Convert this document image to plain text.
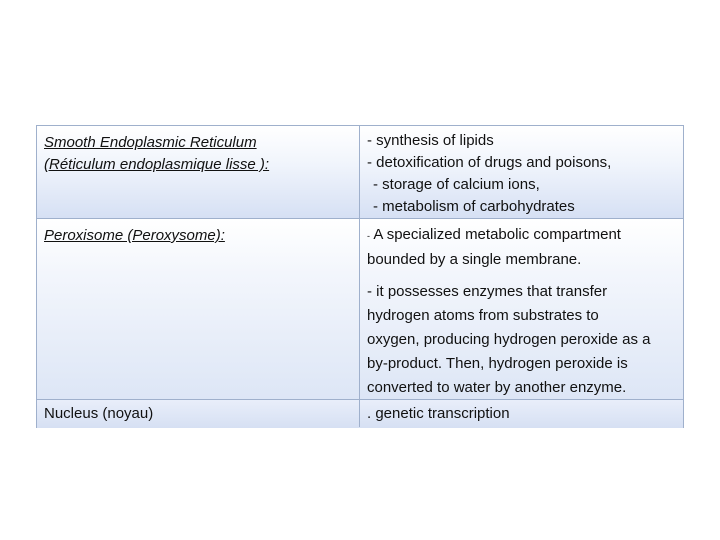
Smooth Endoplasmic Reticulum
(Réticulum endoplasmique lisse ):
- synthesis of lipids
- detoxification of drugs and poisons,
- storage of calcium ions,
- metabolism of carbohydrates
Peroxisome (Peroxysome):	- A specialized metabolic compartment
bounded by a single membrane.
- it possesses enzymes that transfer
hydrogen atoms from substrates to
oxygen, producing hydrogen peroxide as a
by-product. Then, hydrogen peroxide is
converted to water by another enzyme.
Nucleus (noyau)	. genetic transcription
